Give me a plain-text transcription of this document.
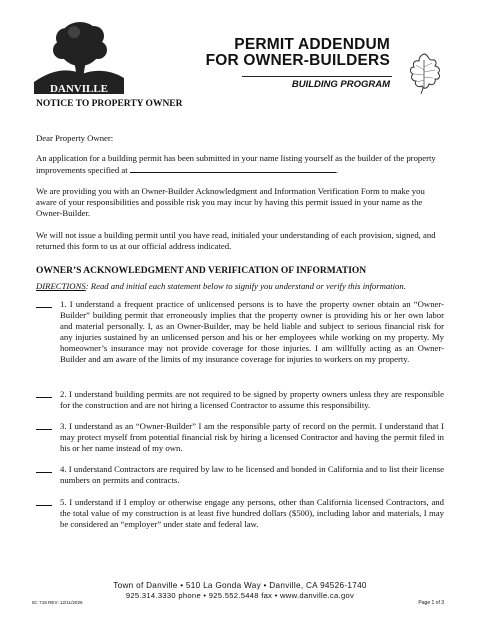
DANVILLE
PERMIT ADDENDUM
FOR OWNER-BUILDERS
BUILDING PROGRAM
NOTICE TO PROPERTY OWNER

Dear Property Owner:

An application for a building permit has been submitted in your name listing yourself as the builder of the property improvements specified at	.

We are providing you with an Owner-Builder Acknowledgment and Information Verification Form to make you aware of your responsibilities and possible risk you may incur by having this permit issued in your name as the Owner-Builder.

We will not issue a building permit until you have read, initialed your understanding of each provision, signed, and returned this form to us at our official address indicated.

OWNER’S ACKNOWLEDGMENT AND VERIFICATION OF INFORMATION
DIRECTIONS: Read and initial each statement below to signify you understand or verify this information.
1. I understand a frequent practice of unlicensed persons is to have the property owner obtain an “Owner-Builder” building permit that erroneously implies that the property owner is providing his or her own labor and material personally. I, as an Owner-Builder, may be held liable and subject to serious financial risk for any injuries sustained by an unlicensed person and his or her employees while working on my property. My homeowner’s insurance may not provide coverage for those injuries. I am willfully acting as an Owner-Builder and am aware of the limits of my insurance coverage for injuries to workers on my property.
2. I understand building permits are not required to be signed by property owners unless they are responsible for the construction and are not hiring a licensed Contractor to assume this responsibility.
3. I understand as an “Owner-Builder” I am the responsible party of record on the permit. I understand that I may protect myself from potential financial risk by hiring a licensed Contractor and having the permit filed in his or her name instead of my own.
4. I understand Contractors are required by law to be licensed and bonded in California and to list their license numbers on permits and contracts.
5. I understand if I employ or otherwise engage any persons, other than California licensed Contractors, and the total value of my construction is at least five hundred dollars ($500), including labor and materials, I may be considered an “employer” under state and federal law.
Town of Danville • 510 La Gonda Way • Danville, CA 94526-1740
925.314.3330 phone • 925.552.5448 fax • www.danville.ca.gov
ID: 718 REV: 12/11/2025	Page 1 of 3
